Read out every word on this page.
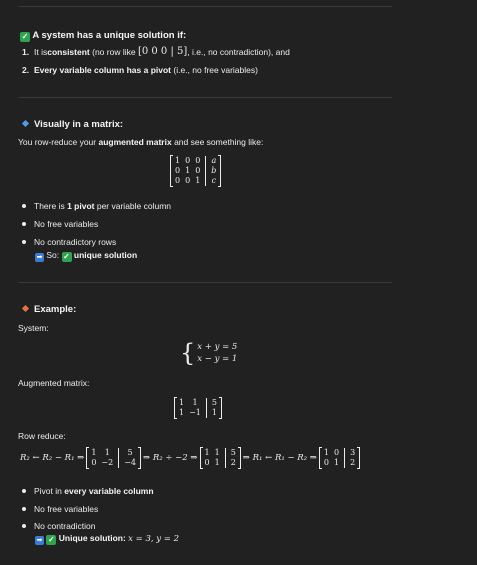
✓ A system has a unique solution if:
1. It is consistent (no row like [0 0 0 | 5] , i.e., no contradiction), and
2. Every variable column has a pivot (i.e., no free variables)
Visually in a matrix:
You row-reduce your augmented matrix and see something like:
1 0 0 a
0 1 0 b
0 0 1 c
There is 1 pivot per variable column
No free variables
No contradictory rows
➡ So: ✓ unique solution
Example:
System:
{ x + y = 5
x − y = 1
Augmented matrix:
1	1	5
1 −1 1
Row reduce:
R₂ ← R₂ − R₁ ⇒
1	1	5
0 −2 −4 ⇒ R₂ ÷ −2 ⇒
1 1 5
0 1 2 ⇒ R₁ ← R₁ − R₂ ⇒
1 0 3
0 1 2
Pivot in every variable column
No free variables
No contradiction
➡ ✓ Unique solution: x = 3, y = 2
